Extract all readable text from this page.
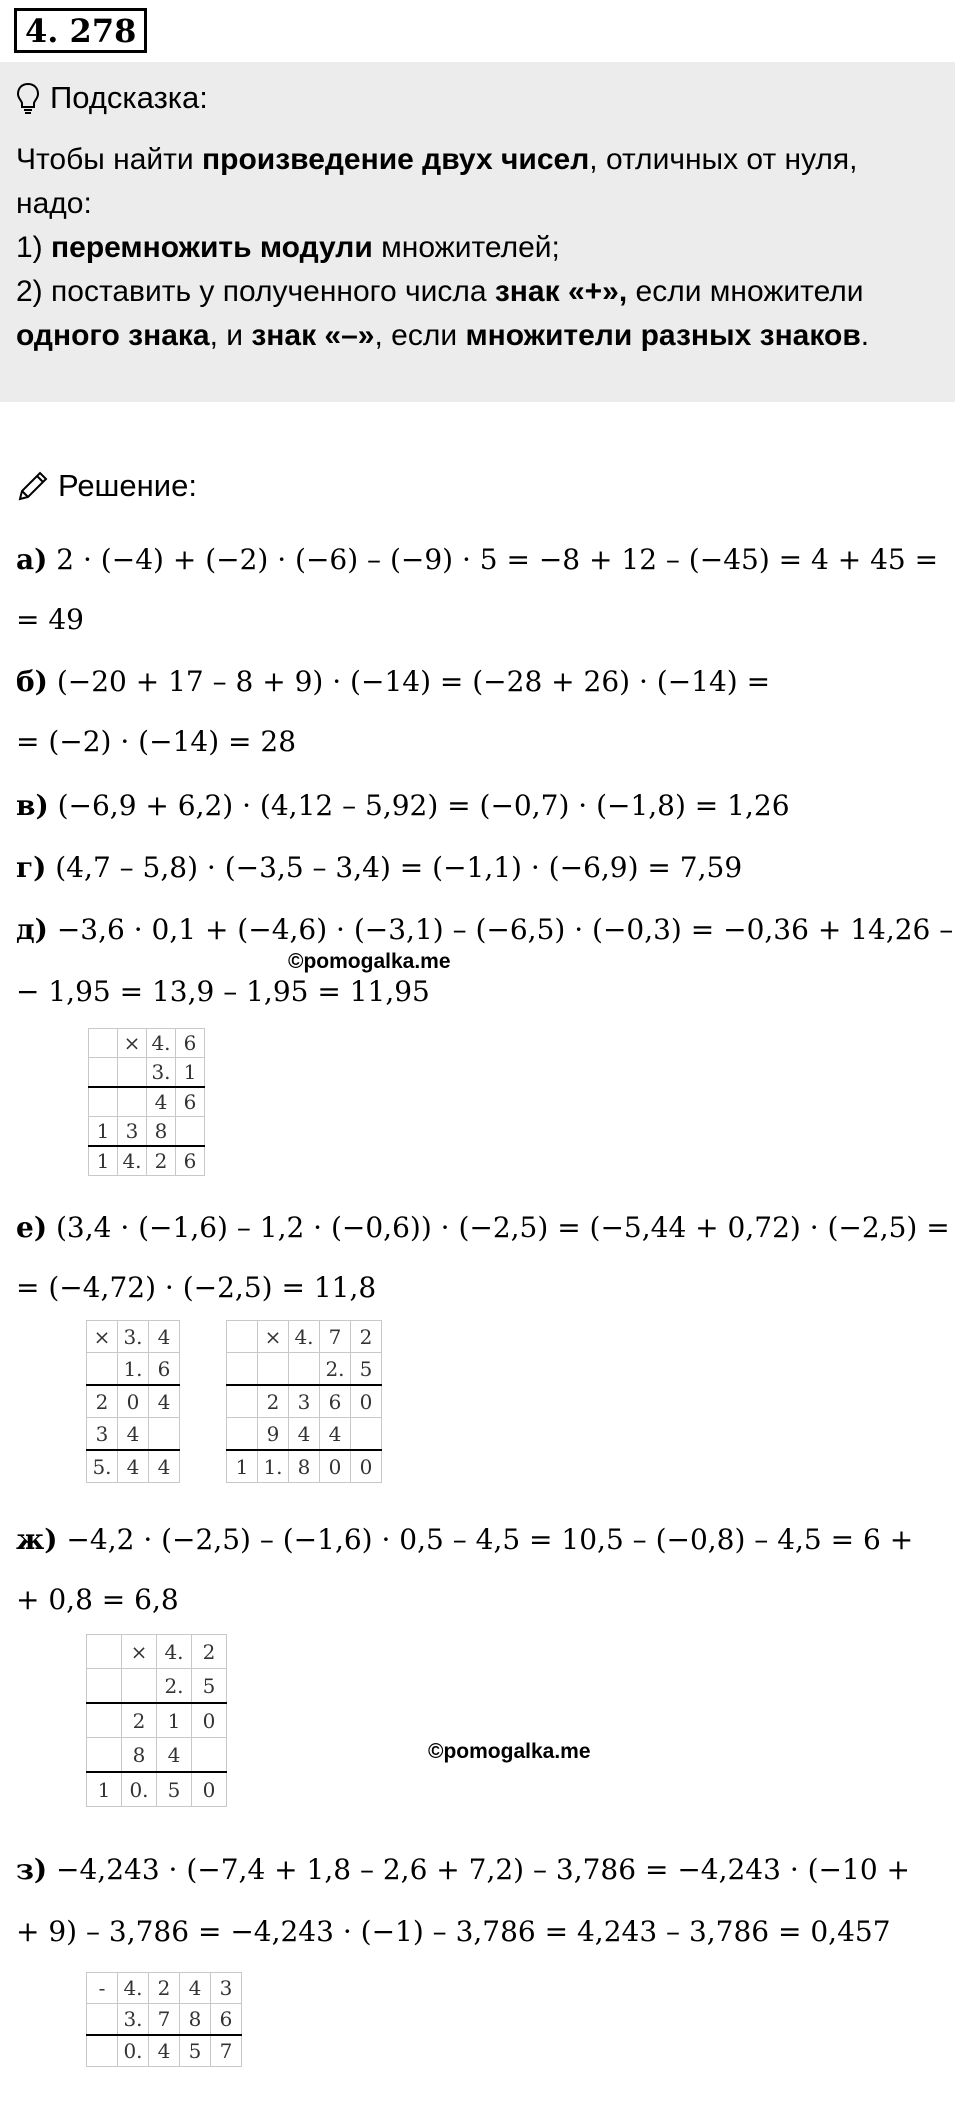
4. 278
Подсказка:
Чтобы найти произведение двух чисел, отличных от нуля,
надо:
1) перемножить модули множителей;
2) поставить у полученного числа знак «+», если множители
одного знака, и знак «–», если множители разных знаков.
Решение:
а) 2 · (−4) + (−2) · (−6) – (−9) · 5 = −8 + 12 – (−45) = 4 + 45 =
= 49
б) (−20 + 17 – 8 + 9) · (−14) = (−28 + 26) · (−14) =
= (−2) · (−14) = 28
в) (−6,9 + 6,2) · (4,12 – 5,92) = (−0,7) · (−1,8) = 1,26
г) (4,7 – 5,8) · (−3,5 – 3,4) = (−1,1) · (−6,9) = 7,59
д) −3,6 · 0,1 + (−4,6) · (−3,1) – (−6,5) · (−0,3) = −0,36 + 14,26 –
− 1,95 = 13,9 – 1,95 = 11,95
е) (3,4 · (−1,6) – 1,2 · (−0,6)) · (−2,5) = (−5,44 + 0,72) · (−2,5) =
= (−4,72) · (−2,5) = 11,8
ж) −4,2 · (−2,5) – (−1,6) · 0,5 – 4,5 = 10,5 – (−0,8) – 4,5 = 6 +
+ 0,8 = 6,8
з) −4,243 · (−7,4 + 1,8 – 2,6 + 7,2) – 3,786 = −4,243 · (−10 +
+ 9) – 3,786 = −4,243 · (−1) – 3,786 = 4,243 – 3,786 = 0,457
©pomogalka.me
©pomogalka.me
	×	4.	6
		3.	1
		4	6
1	3	8	
1	4.	2	6
×	3.	4
	1.	6
2	0	4
3	4	
5.	4	4
	×	4.	7	2
			2.	5
	2	3	6	0
	9	4	4	
1	1.	8	0	0
	×	4.	2
		2.	5
	2	1	0
	8	4	
1	0.	5	0
-	4.	2	4	3
	3.	7	8	6
	0.	4	5	7
